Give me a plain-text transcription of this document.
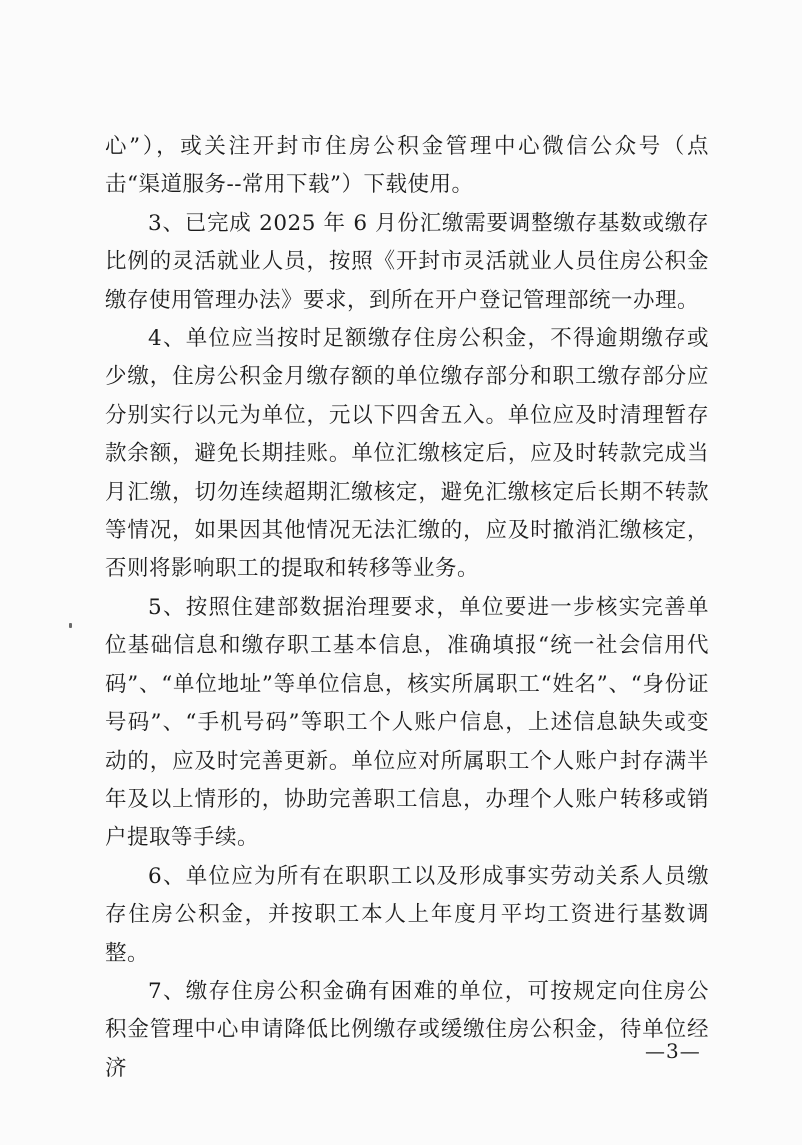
心”），或关注开封市住房公积金管理中心微信公众号（点击“渠道服务--常用下载”）下载使用。

3、已完成 2025 年 6 月份汇缴需要调整缴存基数或缴存比例的灵活就业人员，按照《开封市灵活就业人员住房公积金缴存使用管理办法》要求，到所在开户登记管理部统一办理。

4、单位应当按时足额缴存住房公积金，不得逾期缴存或少缴，住房公积金月缴存额的单位缴存部分和职工缴存部分应分别实行以元为单位，元以下四舍五入。单位应及时清理暂存款余额，避免长期挂账。单位汇缴核定后，应及时转款完成当月汇缴，切勿连续超期汇缴核定，避免汇缴核定后长期不转款等情况，如果因其他情况无法汇缴的，应及时撤消汇缴核定，否则将影响职工的提取和转移等业务。

5、按照住建部数据治理要求，单位要进一步核实完善单位基础信息和缴存职工基本信息，准确填报“统一社会信用代码”、“单位地址”等单位信息，核实所属职工“姓名”、“身份证号码”、“手机号码”等职工个人账户信息，上述信息缺失或变动的，应及时完善更新。单位应对所属职工个人账户封存满半年及以上情形的，协助完善职工信息，办理个人账户转移或销户提取等手续。

6、单位应为所有在职职工以及形成事实劳动关系人员缴存住房公积金，并按职工本人上年度月平均工资进行基数调整。

7、缴存住房公积金确有困难的单位，可按规定向住房公积金管理中心申请降低比例缴存或缓缴住房公积金，待单位经济

—3—
